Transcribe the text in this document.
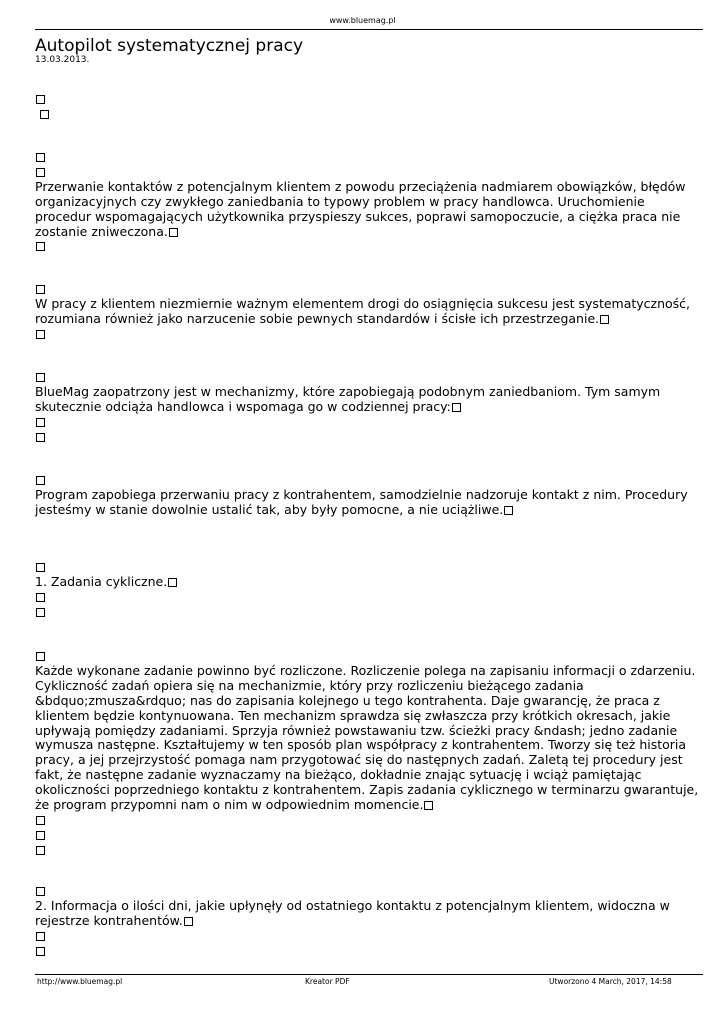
www.bluemag.pl
Autopilot systematycznej pracy
13.03.2013.
Przerwanie kontaktów z potencjalnym klientem z powodu przeciążenia nadmiarem obowiązków, błędów organizacyjnych czy zwykłego zaniedbania to typowy problem w pracy handlowca. Uruchomienie procedur wspomagających użytkownika przyspieszy sukces, poprawi samopoczucie, a ciężka praca nie zostanie zniweczona.
W pracy z klientem niezmiernie ważnym elementem drogi do osiągnięcia sukcesu jest systematyczność, rozumiana również jako narzucenie sobie pewnych standardów i ścisłe ich przestrzeganie.
BlueMag zaopatrzony jest w mechanizmy, które zapobiegają podobnym zaniedbaniom. Tym samym skutecznie odciąża handlowca i wspomaga go w codziennej pracy:
Program zapobiega przerwaniu pracy z kontrahentem, samodzielnie nadzoruje kontakt z nim. Procedury jesteśmy w stanie dowolnie ustalić tak, aby były pomocne, a nie uciążliwe.
1. Zadania cykliczne.
Każde wykonane zadanie powinno być rozliczone. Rozliczenie polega na zapisaniu informacji o zdarzeniu. Cykliczność zadań opiera się na mechanizmie, który przy rozliczeniu bieżącego zadania &bdquo;zmusza&rdquo; nas do zapisania kolejnego u tego kontrahenta. Daje gwarancję, że praca z klientem będzie kontynuowana. Ten mechanizm sprawdza się zwłaszcza przy krótkich okresach, jakie upływają pomiędzy zadaniami. Sprzyja również powstawaniu tzw. ścieżki pracy &ndash; jedno zadanie wymusza następne. Kształtujemy w ten sposób plan współpracy z kontrahentem. Tworzy się też historia pracy, a jej przejrzystość pomaga nam przygotować się do następnych zadań. Zaletą tej procedury jest fakt, że następne zadanie wyznaczamy na bieżąco, dokładnie znając sytuację i wciąż pamiętając okoliczności poprzedniego kontaktu z kontrahentem. Zapis zadania cyklicznego w terminarzu gwarantuje, że program przypomni nam o nim w odpowiednim momencie.
2. Informacja o ilości dni, jakie upłynęły od ostatniego kontaktu z potencjalnym klientem, widoczna w rejestrze kontrahentów.
http://www.bluemag.pl	Kreator PDF	Utworzono 4 March, 2017, 14:58
